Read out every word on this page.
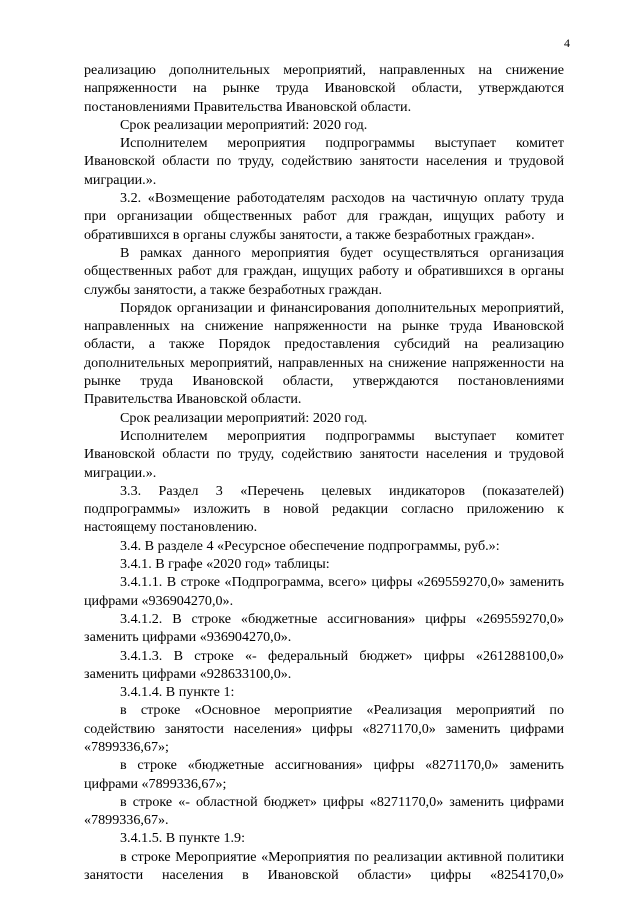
4

реализацию дополнительных мероприятий, направленных на снижение напряженности на рынке труда Ивановской области, утверждаются постановлениями Правительства Ивановской области.

Срок реализации мероприятий: 2020 год.

Исполнителем мероприятия подпрограммы выступает комитет Ивановской области по труду, содействию занятости населения и трудовой миграции.».

3.2. «Возмещение работодателям расходов на частичную оплату труда при организации общественных работ для граждан, ищущих работу и обратившихся в органы службы занятости, а также безработных граждан».

В рамках данного мероприятия будет осуществляться организация общественных работ для граждан, ищущих работу и обратившихся в органы службы занятости, а также безработных граждан.

Порядок организации и финансирования дополнительных мероприятий, направленных на снижение напряженности на рынке труда Ивановской области, а также Порядок предоставления субсидий на реализацию дополнительных мероприятий, направленных на снижение напряженности на рынке труда Ивановской области, утверждаются постановлениями Правительства Ивановской области.

Срок реализации мероприятий: 2020 год.

Исполнителем мероприятия подпрограммы выступает комитет Ивановской области по труду, содействию занятости населения и трудовой миграции.».

3.3. Раздел 3 «Перечень целевых индикаторов (показателей) подпрограммы» изложить в новой редакции согласно приложению к настоящему постановлению.

3.4. В разделе 4 «Ресурсное обеспечение подпрограммы, руб.»:

3.4.1. В графе «2020 год» таблицы:

3.4.1.1. В строке «Подпрограмма, всего» цифры «269559270,0» заменить цифрами «936904270,0».

3.4.1.2. В строке «бюджетные ассигнования» цифры «269559270,0» заменить цифрами «936904270,0».

3.4.1.3. В строке «- федеральный бюджет» цифры «261288100,0» заменить цифрами «928633100,0».

3.4.1.4. В пункте 1:

в строке «Основное мероприятие «Реализация мероприятий по содействию занятости населения» цифры «8271170,0» заменить цифрами «7899336,67»;

в строке «бюджетные ассигнования» цифры «8271170,0» заменить цифрами «7899336,67»;

в строке «- областной бюджет» цифры «8271170,0» заменить цифрами «7899336,67».

3.4.1.5. В пункте 1.9:

в строке Мероприятие «Мероприятия по реализации активной политики занятости населения в Ивановской области» цифры «8254170,0»
